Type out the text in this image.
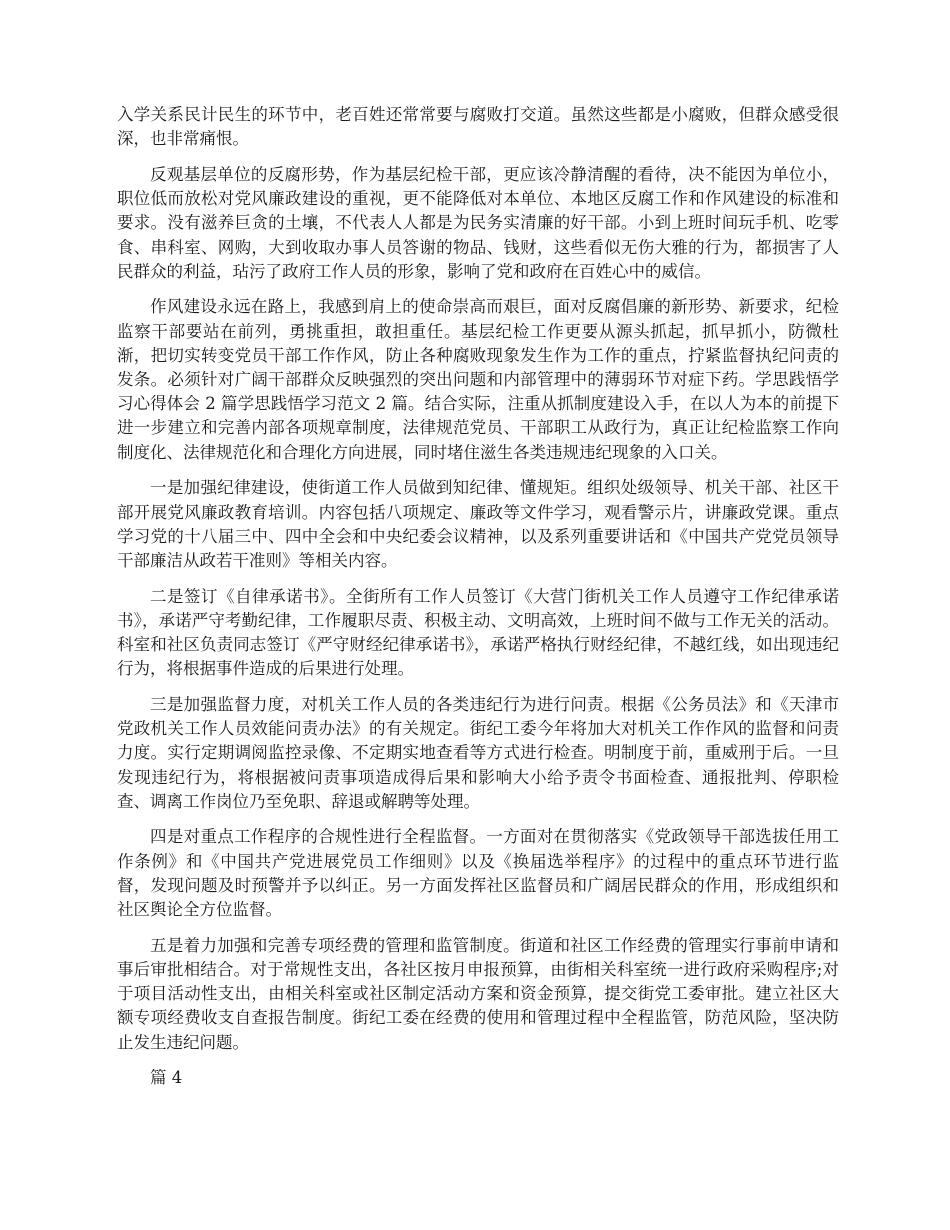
入学关系民计民生的环节中，老百姓还常常要与腐败打交道。虽然这些都是小腐败，但群众感受很深，也非常痛恨。

反观基层单位的反腐形势，作为基层纪检干部，更应该冷静清醒的看待，决不能因为单位小，职位低而放松对党风廉政建设的重视，更不能降低对本单位、本地区反腐工作和作风建设的标准和要求。没有滋养巨贪的土壤，不代表人人都是为民务实清廉的好干部。小到上班时间玩手机、吃零食、串科室、网购，大到收取办事人员答谢的物品、钱财，这些看似无伤大雅的行为，都损害了人民群众的利益，玷污了政府工作人员的形象，影响了党和政府在百姓心中的威信。

作风建设永远在路上，我感到肩上的使命崇高而艰巨，面对反腐倡廉的新形势、新要求，纪检监察干部要站在前列，勇挑重担，敢担重任。基层纪检工作更要从源头抓起，抓早抓小，防微杜渐，把切实转变党员干部工作作风，防止各种腐败现象发生作为工作的重点，拧紧监督执纪问责的发条。必须针对广阔干部群众反映强烈的突出问题和内部管理中的薄弱环节对症下药。学思践悟学习心得体会 2 篇学思践悟学习范文 2 篇。结合实际，注重从抓制度建设入手，在以人为本的前提下进一步建立和完善内部各项规章制度，法律规范党员、干部职工从政行为，真正让纪检监察工作向制度化、法律规范化和合理化方向进展，同时堵住滋生各类违规违纪现象的入口关。

一是加强纪律建设，使街道工作人员做到知纪律、懂规矩。组织处级领导、机关干部、社区干部开展党风廉政教育培训。内容包括八项规定、廉政等文件学习，观看警示片，讲廉政党课。重点学习党的十八届三中、四中全会和中央纪委会议精神，以及系列重要讲话和《中国共产党党员领导干部廉洁从政若干准则》等相关内容。

二是签订《自律承诺书》。全街所有工作人员签订《大营门街机关工作人员遵守工作纪律承诺书》，承诺严守考勤纪律，工作履职尽责、积极主动、文明高效，上班时间不做与工作无关的活动。科室和社区负责同志签订《严守财经纪律承诺书》，承诺严格执行财经纪律，不越红线，如出现违纪行为，将根据事件造成的后果进行处理。

三是加强监督力度，对机关工作人员的各类违纪行为进行问责。根据《公务员法》和《天津市党政机关工作人员效能问责办法》的有关规定。街纪工委今年将加大对机关工作作风的监督和问责力度。实行定期调阅监控录像、不定期实地查看等方式进行检查。明制度于前，重威刑于后。一旦发现违纪行为，将根据被问责事项造成得后果和影响大小给予责令书面检查、通报批判、停职检查、调离工作岗位乃至免职、辞退或解聘等处理。

四是对重点工作程序的合规性进行全程监督。一方面对在贯彻落实《党政领导干部选拔任用工作条例》和《中国共产党进展党员工作细则》以及《换届选举程序》的过程中的重点环节进行监督，发现问题及时预警并予以纠正。另一方面发挥社区监督员和广阔居民群众的作用，形成组织和社区舆论全方位监督。

五是着力加强和完善专项经费的管理和监管制度。街道和社区工作经费的管理实行事前申请和事后审批相结合。对于常规性支出，各社区按月申报预算，由街相关科室统一进行政府采购程序;对于项目活动性支出，由相关科室或社区制定活动方案和资金预算，提交街党工委审批。建立社区大额专项经费收支自查报告制度。街纪工委在经费的使用和管理过程中全程监管，防范风险，坚决防止发生违纪问题。

篇 4
